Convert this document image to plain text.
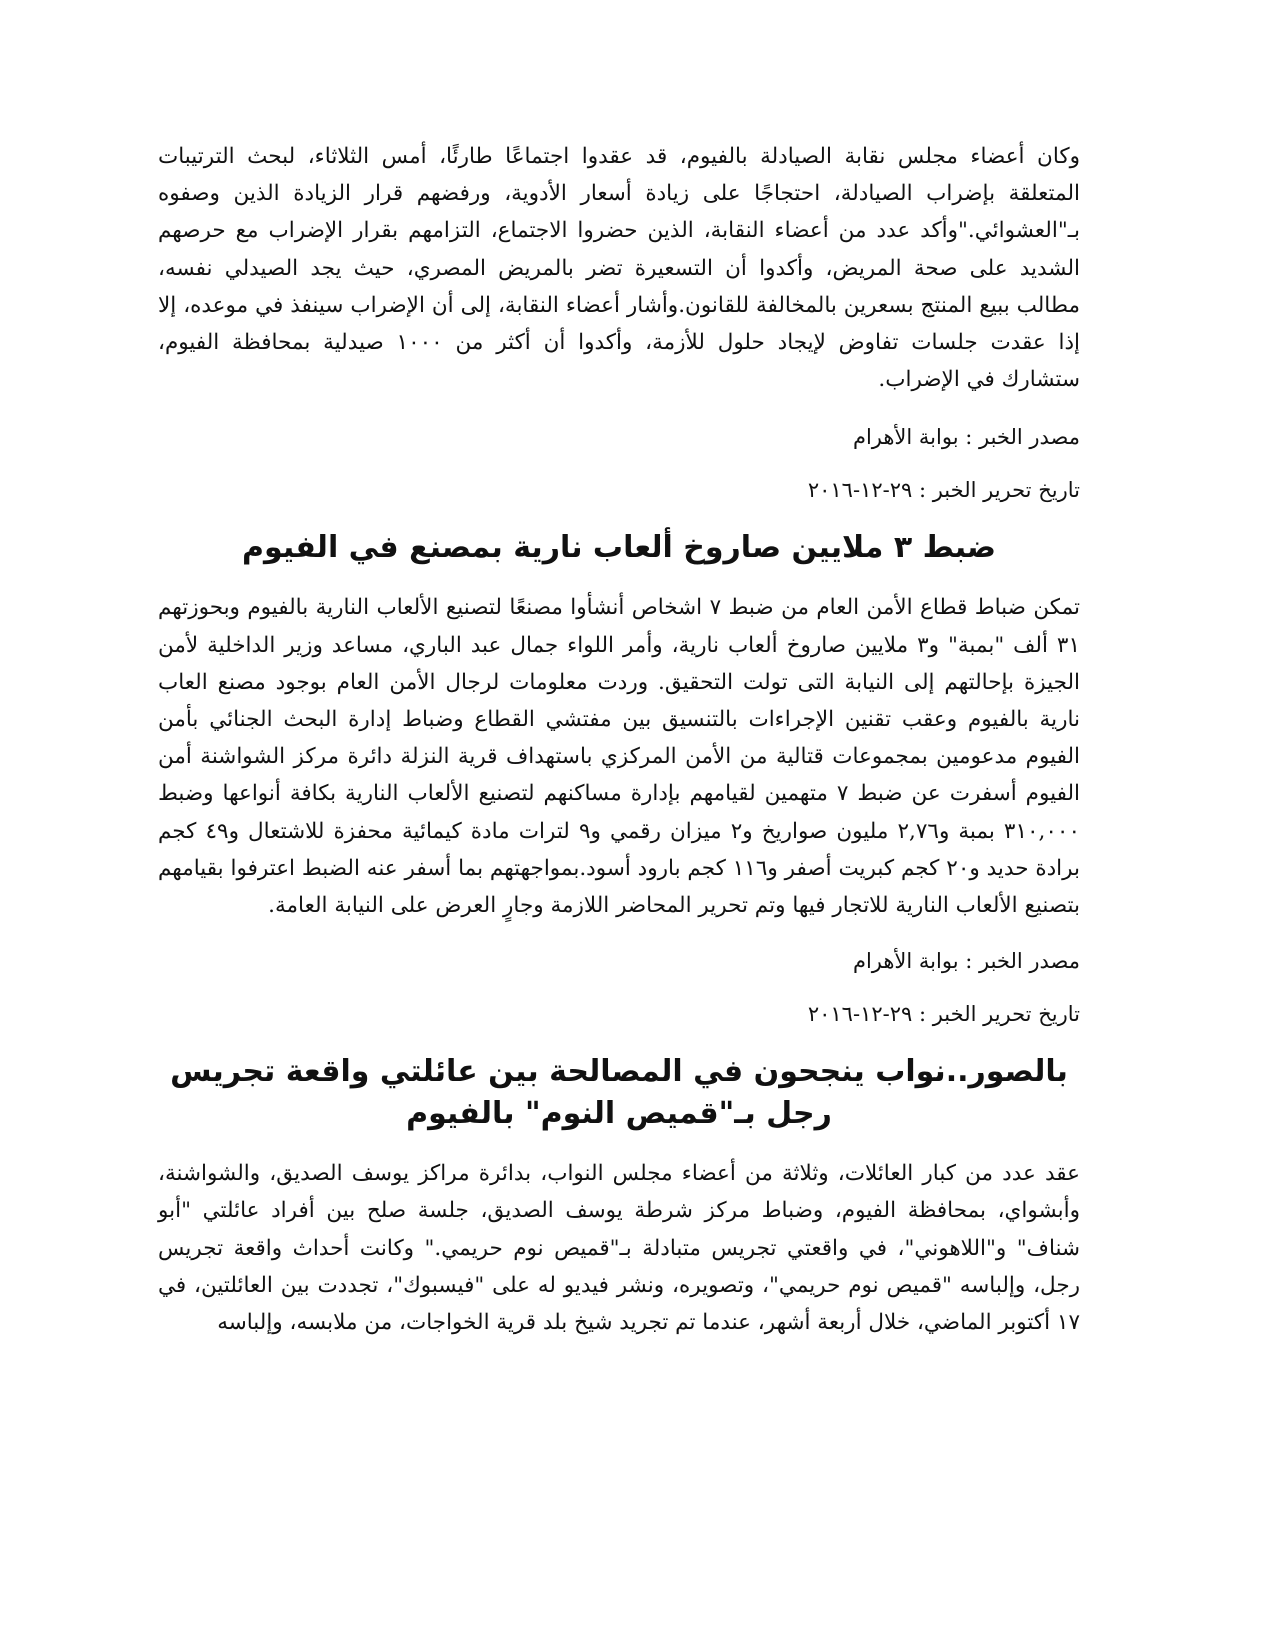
وكان أعضاء مجلس نقابة الصيادلة بالفيوم، قد عقدوا اجتماعًا طارئًا، أمس الثلاثاء، لبحث الترتيبات المتعلقة بإضراب الصيادلة، احتجاجًا على زيادة أسعار الأدوية، ورفضهم قرار الزيادة الذين وصفوه بـ"العشوائي."وأكد عدد من أعضاء النقابة، الذين حضروا الاجتماع، التزامهم بقرار الإضراب مع حرصهم الشديد على صحة المريض، وأكدوا أن التسعيرة تضر بالمريض المصري، حيث يجد الصيدلي نفسه، مطالب ببيع المنتج بسعرين بالمخالفة للقانون.وأشار أعضاء النقابة، إلى أن الإضراب سينفذ في موعده، إلا إذا عقدت جلسات تفاوض لإيجاد حلول للأزمة، وأكدوا أن أكثر من ١٠٠٠ صيدلية بمحافظة الفيوم، ستشارك في الإضراب.

مصدر الخبر : بوابة الأهرام

تاريخ تحرير الخبر : ٢٩-١٢-٢٠١٦

ضبط ٣ ملايين صاروخ ألعاب نارية بمصنع في الفيوم

تمكن ضباط قطاع الأمن العام من ضبط ٧ اشخاص أنشأوا مصنعًا لتصنيع الألعاب النارية بالفيوم وبحوزتهم ٣١ ألف "بمبة" و٣ ملايين صاروخ ألعاب نارية، وأمر اللواء جمال عبد الباري، مساعد وزير الداخلية لأمن الجيزة بإحالتهم إلى النيابة التى تولت التحقيق. وردت معلومات لرجال الأمن العام بوجود مصنع العاب نارية بالفيوم وعقب تقنين الإجراءات بالتنسيق بين مفتشي القطاع وضباط إدارة البحث الجنائي بأمن الفيوم مدعومين بمجموعات قتالية من الأمن المركزي باستهداف قرية النزلة دائرة مركز الشواشنة أمن الفيوم أسفرت عن ضبط ٧ متهمين لقيامهم بإدارة مساكنهم لتصنيع الألعاب النارية بكافة أنواعها وضبط ٣١٠,٠٠٠ بمبة و٢,٧٦ مليون صواريخ و٢ ميزان رقمي و٩ لترات مادة كيمائية محفزة للاشتعال و٤٩ كجم برادة حديد و٢٠ كجم كبريت أصفر و١١٦ كجم بارود أسود.بمواجهتهم بما أسفر عنه الضبط اعترفوا بقيامهم بتصنيع الألعاب النارية للاتجار فيها وتم تحرير المحاضر اللازمة وجارٍ العرض على النيابة العامة.

مصدر الخبر : بوابة الأهرام

تاريخ تحرير الخبر : ٢٩-١٢-٢٠١٦

بالصور..نواب ينجحون في المصالحة بين عائلتي واقعة تجريس رجل بـ"قميص النوم" بالفيوم

عقد عدد من كبار العائلات، وثلاثة من أعضاء مجلس النواب، بدائرة مراكز يوسف الصديق، والشواشنة، وأبشواي، بمحافظة الفيوم، وضباط مركز شرطة يوسف الصديق، جلسة صلح بين أفراد عائلتي "أبو شناف" و"اللاهوني"، في واقعتي تجريس متبادلة بـ"قميص نوم حريمي." وكانت أحداث واقعة تجريس رجل، وإلباسه "قميص نوم حريمي"، وتصويره، ونشر فيديو له على "فيسبوك"، تجددت بين العائلتين، في ١٧ أكتوبر الماضي، خلال أربعة أشهر، عندما تم تجريد شيخ بلد قرية الخواجات، من ملابسه، وإلباسه
